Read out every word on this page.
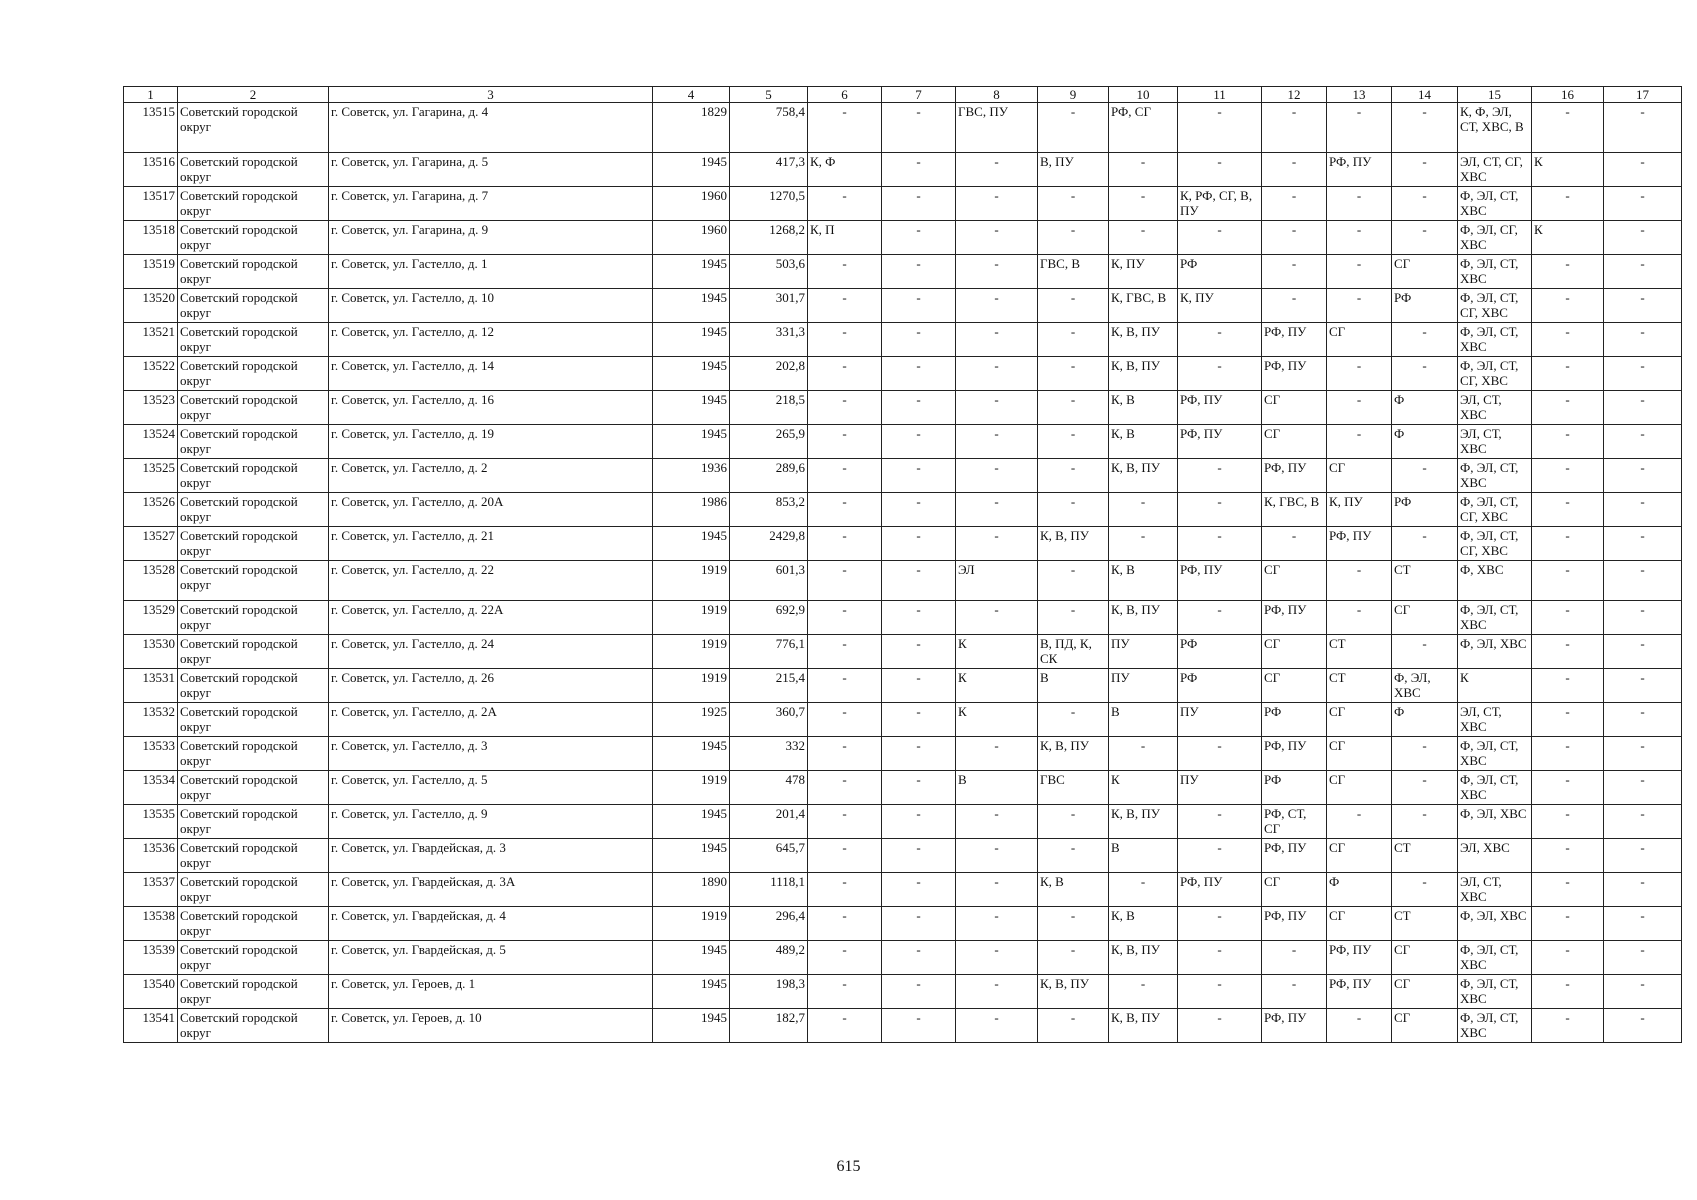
1	2	3	4	5	6	7	8	9	10	11	12	13	14	15	16	17
13515	Советский городской округ	г. Советск, ул. Гагарина, д. 4	1829	758,4	-	-	ГВС, ПУ	-	РФ, СГ	-	-	-	-	К, Ф, ЭЛ, СТ, ХВС, В	-	-
13516	Советский городской округ	г. Советск, ул. Гагарина, д. 5	1945	417,3	К, Ф	-	-	В, ПУ	-	-	-	РФ, ПУ	-	ЭЛ, СТ, СГ, ХВС	К	-
13517	Советский городской округ	г. Советск, ул. Гагарина, д. 7	1960	1270,5	-	-	-	-	-	К, РФ, СГ, В, ПУ	-	-	-	Ф, ЭЛ, СТ, ХВС	-	-
13518	Советский городской округ	г. Советск, ул. Гагарина, д. 9	1960	1268,2	К, П	-	-	-	-	-	-	-	-	Ф, ЭЛ, СГ, ХВС	К	-
13519	Советский городской округ	г. Советск, ул. Гастелло, д. 1	1945	503,6	-	-	-	ГВС, В	К, ПУ	РФ	-	-	СГ	Ф, ЭЛ, СТ, ХВС	-	-
13520	Советский городской округ	г. Советск, ул. Гастелло, д. 10	1945	301,7	-	-	-	-	К, ГВС, В	К, ПУ	-	-	РФ	Ф, ЭЛ, СТ, СГ, ХВС	-	-
13521	Советский городской округ	г. Советск, ул. Гастелло, д. 12	1945	331,3	-	-	-	-	К, В, ПУ	-	РФ, ПУ	СГ	-	Ф, ЭЛ, СТ, ХВС	-	-
13522	Советский городской округ	г. Советск, ул. Гастелло, д. 14	1945	202,8	-	-	-	-	К, В, ПУ	-	РФ, ПУ	-	-	Ф, ЭЛ, СТ, СГ, ХВС	-	-
13523	Советский городской округ	г. Советск, ул. Гастелло, д. 16	1945	218,5	-	-	-	-	К, В	РФ, ПУ	СГ	-	Ф	ЭЛ, СТ, ХВС	-	-
13524	Советский городской округ	г. Советск, ул. Гастелло, д. 19	1945	265,9	-	-	-	-	К, В	РФ, ПУ	СГ	-	Ф	ЭЛ, СТ, ХВС	-	-
13525	Советский городской округ	г. Советск, ул. Гастелло, д. 2	1936	289,6	-	-	-	-	К, В, ПУ	-	РФ, ПУ	СГ	-	Ф, ЭЛ, СТ, ХВС	-	-
13526	Советский городской округ	г. Советск, ул. Гастелло, д. 20А	1986	853,2	-	-	-	-	-	-	К, ГВС, В	К, ПУ	РФ	Ф, ЭЛ, СТ, СГ, ХВС	-	-
13527	Советский городской округ	г. Советск, ул. Гастелло, д. 21	1945	2429,8	-	-	-	К, В, ПУ	-	-	-	РФ, ПУ	-	Ф, ЭЛ, СТ, СГ, ХВС	-	-
13528	Советский городской округ	г. Советск, ул. Гастелло, д. 22	1919	601,3	-	-	ЭЛ	-	К, В	РФ, ПУ	СГ	-	СТ	Ф, ХВС	-	-
13529	Советский городской округ	г. Советск, ул. Гастелло, д. 22А	1919	692,9	-	-	-	-	К, В, ПУ	-	РФ, ПУ	-	СГ	Ф, ЭЛ, СТ, ХВС	-	-
13530	Советский городской округ	г. Советск, ул. Гастелло, д. 24	1919	776,1	-	-	К	В, ПД, К, СК	ПУ	РФ	СГ	СТ	-	Ф, ЭЛ, ХВС	-	-
13531	Советский городской округ	г. Советск, ул. Гастелло, д. 26	1919	215,4	-	-	К	В	ПУ	РФ	СГ	СТ	Ф, ЭЛ, ХВС	К	-	-
13532	Советский городской округ	г. Советск, ул. Гастелло, д. 2А	1925	360,7	-	-	К	-	В	ПУ	РФ	СГ	Ф	ЭЛ, СТ, ХВС	-	-
13533	Советский городской округ	г. Советск, ул. Гастелло, д. 3	1945	332	-	-	-	К, В, ПУ	-	-	РФ, ПУ	СГ	-	Ф, ЭЛ, СТ, ХВС	-	-
13534	Советский городской округ	г. Советск, ул. Гастелло, д. 5	1919	478	-	-	В	ГВС	К	ПУ	РФ	СГ	-	Ф, ЭЛ, СТ, ХВС	-	-
13535	Советский городской округ	г. Советск, ул. Гастелло, д. 9	1945	201,4	-	-	-	-	К, В, ПУ	-	РФ, СТ, СГ	-	-	Ф, ЭЛ, ХВС	-	-
13536	Советский городской округ	г. Советск, ул. Гвардейская, д. 3	1945	645,7	-	-	-	-	В	-	РФ, ПУ	СГ	СТ	ЭЛ, ХВС	-	-
13537	Советский городской округ	г. Советск, ул. Гвардейская, д. 3А	1890	1118,1	-	-	-	К, В	-	РФ, ПУ	СГ	Ф	-	ЭЛ, СТ, ХВС	-	-
13538	Советский городской округ	г. Советск, ул. Гвардейская, д. 4	1919	296,4	-	-	-	-	К, В	-	РФ, ПУ	СГ	СТ	Ф, ЭЛ, ХВС	-	-
13539	Советский городской округ	г. Советск, ул. Гвардейская, д. 5	1945	489,2	-	-	-	-	К, В, ПУ	-	-	РФ, ПУ	СГ	Ф, ЭЛ, СТ, ХВС	-	-
13540	Советский городской округ	г. Советск, ул. Героев, д. 1	1945	198,3	-	-	-	К, В, ПУ	-	-	-	РФ, ПУ	СГ	Ф, ЭЛ, СТ, ХВС	-	-
13541	Советский городской округ	г. Советск, ул. Героев, д. 10	1945	182,7	-	-	-	-	К, В, ПУ	-	РФ, ПУ	-	СГ	Ф, ЭЛ, СТ, ХВС	-	-
615
